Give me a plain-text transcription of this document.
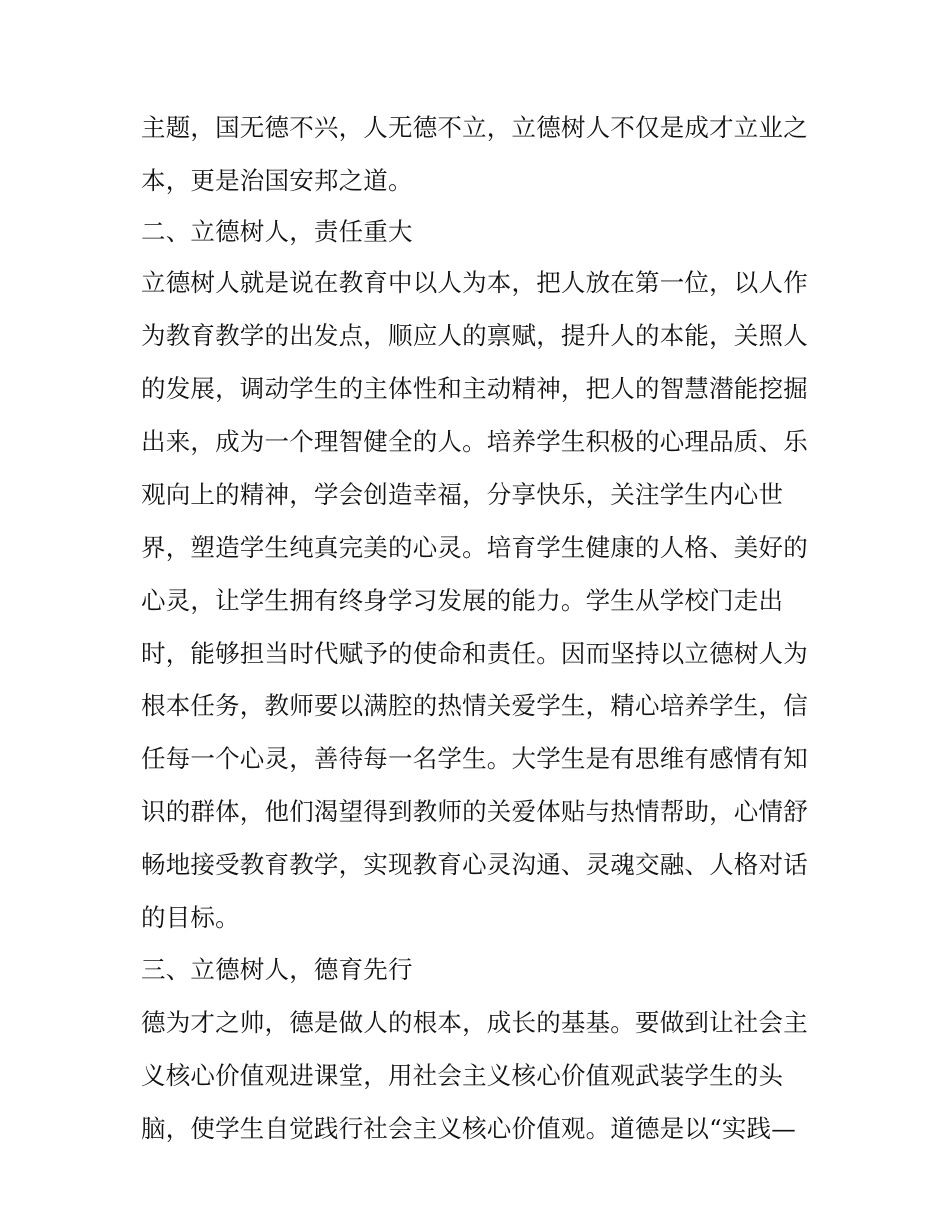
主题，国无德不兴，人无德不立，立德树人不仅是成才立业之
本，更是治国安邦之道。
二、立德树人，责任重大
立德树人就是说在教育中以人为本，把人放在第一位，以人作
为教育教学的出发点，顺应人的禀赋，提升人的本能，关照人
的发展，调动学生的主体性和主动精神，把人的智慧潜能挖掘
出来，成为一个理智健全的人。培养学生积极的心理品质、乐
观向上的精神，学会创造幸福，分享快乐，关注学生内心世
界，塑造学生纯真完美的心灵。培育学生健康的人格、美好的
心灵，让学生拥有终身学习发展的能力。学生从学校门走出
时，能够担当时代赋予的使命和责任。因而坚持以立德树人为
根本任务，教师要以满腔的热情关爱学生，精心培养学生，信
任每一个心灵，善待每一名学生。大学生是有思维有感情有知
识的群体，他们渴望得到教师的关爱体贴与热情帮助，心情舒
畅地接受教育教学，实现教育心灵沟通、灵魂交融、人格对话
的目标。
三、立德树人，德育先行
德为才之帅，德是做人的根本，成长的基基。要做到让社会主
义核心价值观进课堂，用社会主义核心价值观武装学生的头
脑，使学生自觉践行社会主义核心价值观。道德是以“实践—
